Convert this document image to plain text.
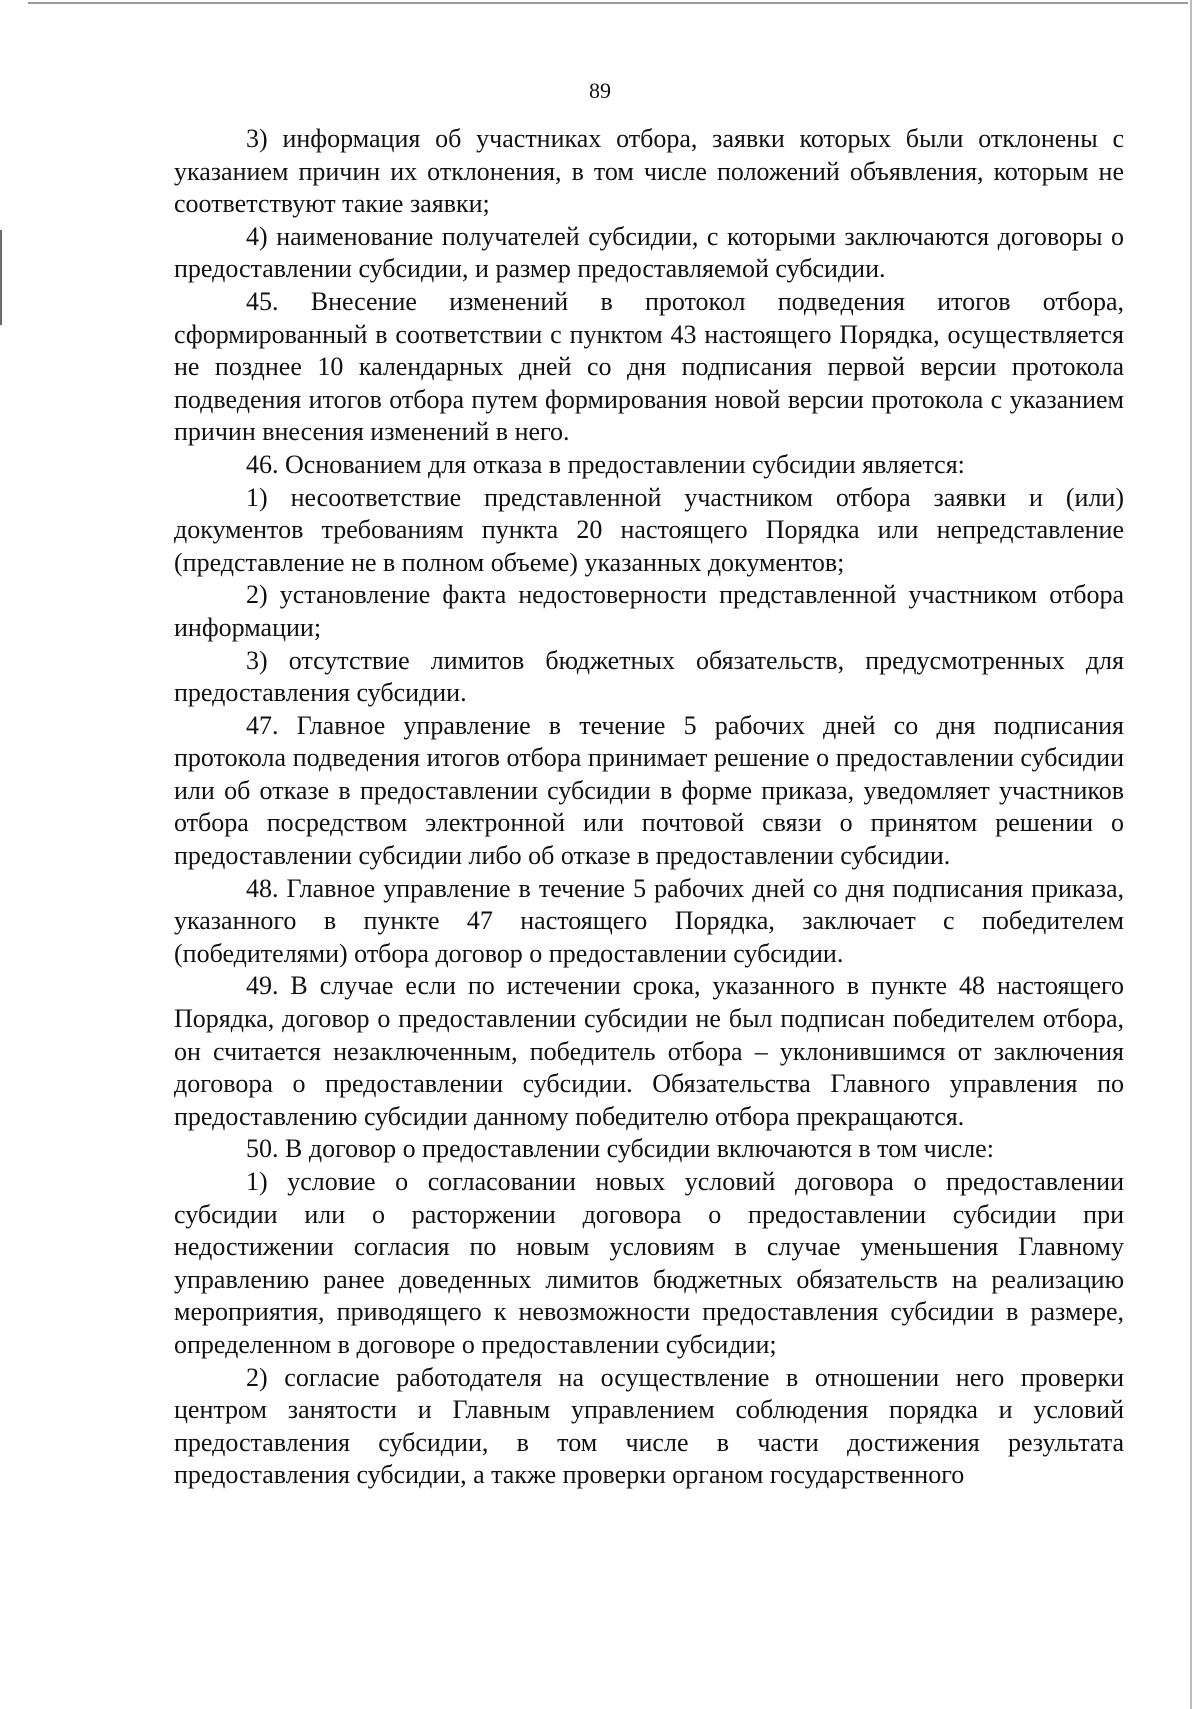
89

3) информация об участниках отбора, заявки которых были отклонены с указанием причин их отклонения, в том числе положений объявления, которым не соответствуют такие заявки;

4) наименование получателей субсидии, с которыми заключаются договоры о предоставлении субсидии, и размер предоставляемой субсидии.

45. Внесение изменений в протокол подведения итогов отбора, сформированный в соответствии с пунктом 43 настоящего Порядка, осуществляется не позднее 10 календарных дней со дня подписания первой версии протокола подведения итогов отбора путем формирования новой версии протокола с указанием причин внесения изменений в него.

46. Основанием для отказа в предоставлении субсидии является:

1) несоответствие представленной участником отбора заявки и (или) документов требованиям пункта 20 настоящего Порядка или непредставление (представление не в полном объеме) указанных документов;

2) установление факта недостоверности представленной участником отбора информации;

3) отсутствие лимитов бюджетных обязательств, предусмотренных для предоставления субсидии.

47. Главное управление в течение 5 рабочих дней со дня подписания протокола подведения итогов отбора принимает решение о предоставлении субсидии или об отказе в предоставлении субсидии в форме приказа, уведомляет участников отбора посредством электронной или почтовой связи о принятом решении о предоставлении субсидии либо об отказе в предоставлении субсидии.

48. Главное управление в течение 5 рабочих дней со дня подписания приказа, указанного в пункте 47 настоящего Порядка, заключает с победителем (победителями) отбора договор о предоставлении субсидии.

49. В случае если по истечении срока, указанного в пункте 48 настоящего Порядка, договор о предоставлении субсидии не был подписан победителем отбора, он считается незаключенным, победитель отбора – уклонившимся от заключения договора о предоставлении субсидии. Обязательства Главного управления по предоставлению субсидии данному победителю отбора прекращаются.

50. В договор о предоставлении субсидии включаются в том числе:

1) условие о согласовании новых условий договора о предоставлении субсидии или о расторжении договора о предоставлении субсидии при недостижении согласия по новым условиям в случае уменьшения Главному управлению ранее доведенных лимитов бюджетных обязательств на реализацию мероприятия, приводящего к невозможности предоставления субсидии в размере, определенном в договоре о предоставлении субсидии;

2) согласие работодателя на осуществление в отношении него проверки центром занятости и Главным управлением соблюдения порядка и условий предоставления субсидии, в том числе в части достижения результата предоставления субсидии, а также проверки органом государственного
